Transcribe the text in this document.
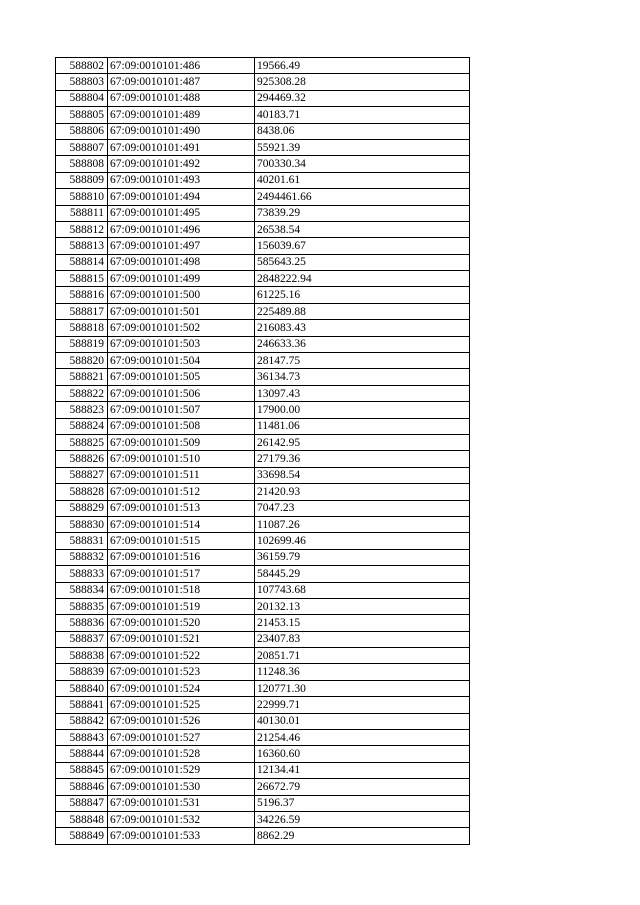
588802	67:09:0010101:486	19566.49
588803	67:09:0010101:487	925308.28
588804	67:09:0010101:488	294469.32
588805	67:09:0010101:489	40183.71
588806	67:09:0010101:490	8438.06
588807	67:09:0010101:491	55921.39
588808	67:09:0010101:492	700330.34
588809	67:09:0010101:493	40201.61
588810	67:09:0010101:494	2494461.66
588811	67:09:0010101:495	73839.29
588812	67:09:0010101:496	26538.54
588813	67:09:0010101:497	156039.67
588814	67:09:0010101:498	585643.25
588815	67:09:0010101:499	2848222.94
588816	67:09:0010101:500	61225.16
588817	67:09:0010101:501	225489.88
588818	67:09:0010101:502	216083.43
588819	67:09:0010101:503	246633.36
588820	67:09:0010101:504	28147.75
588821	67:09:0010101:505	36134.73
588822	67:09:0010101:506	13097.43
588823	67:09:0010101:507	17900.00
588824	67:09:0010101:508	11481.06
588825	67:09:0010101:509	26142.95
588826	67:09:0010101:510	27179.36
588827	67:09:0010101:511	33698.54
588828	67:09:0010101:512	21420.93
588829	67:09:0010101:513	7047.23
588830	67:09:0010101:514	11087.26
588831	67:09:0010101:515	102699.46
588832	67:09:0010101:516	36159.79
588833	67:09:0010101:517	58445.29
588834	67:09:0010101:518	107743.68
588835	67:09:0010101:519	20132.13
588836	67:09:0010101:520	21453.15
588837	67:09:0010101:521	23407.83
588838	67:09:0010101:522	20851.71
588839	67:09:0010101:523	11248.36
588840	67:09:0010101:524	120771.30
588841	67:09:0010101:525	22999.71
588842	67:09:0010101:526	40130.01
588843	67:09:0010101:527	21254.46
588844	67:09:0010101:528	16360.60
588845	67:09:0010101:529	12134.41
588846	67:09:0010101:530	26672.79
588847	67:09:0010101:531	5196.37
588848	67:09:0010101:532	34226.59
588849	67:09:0010101:533	8862.29
